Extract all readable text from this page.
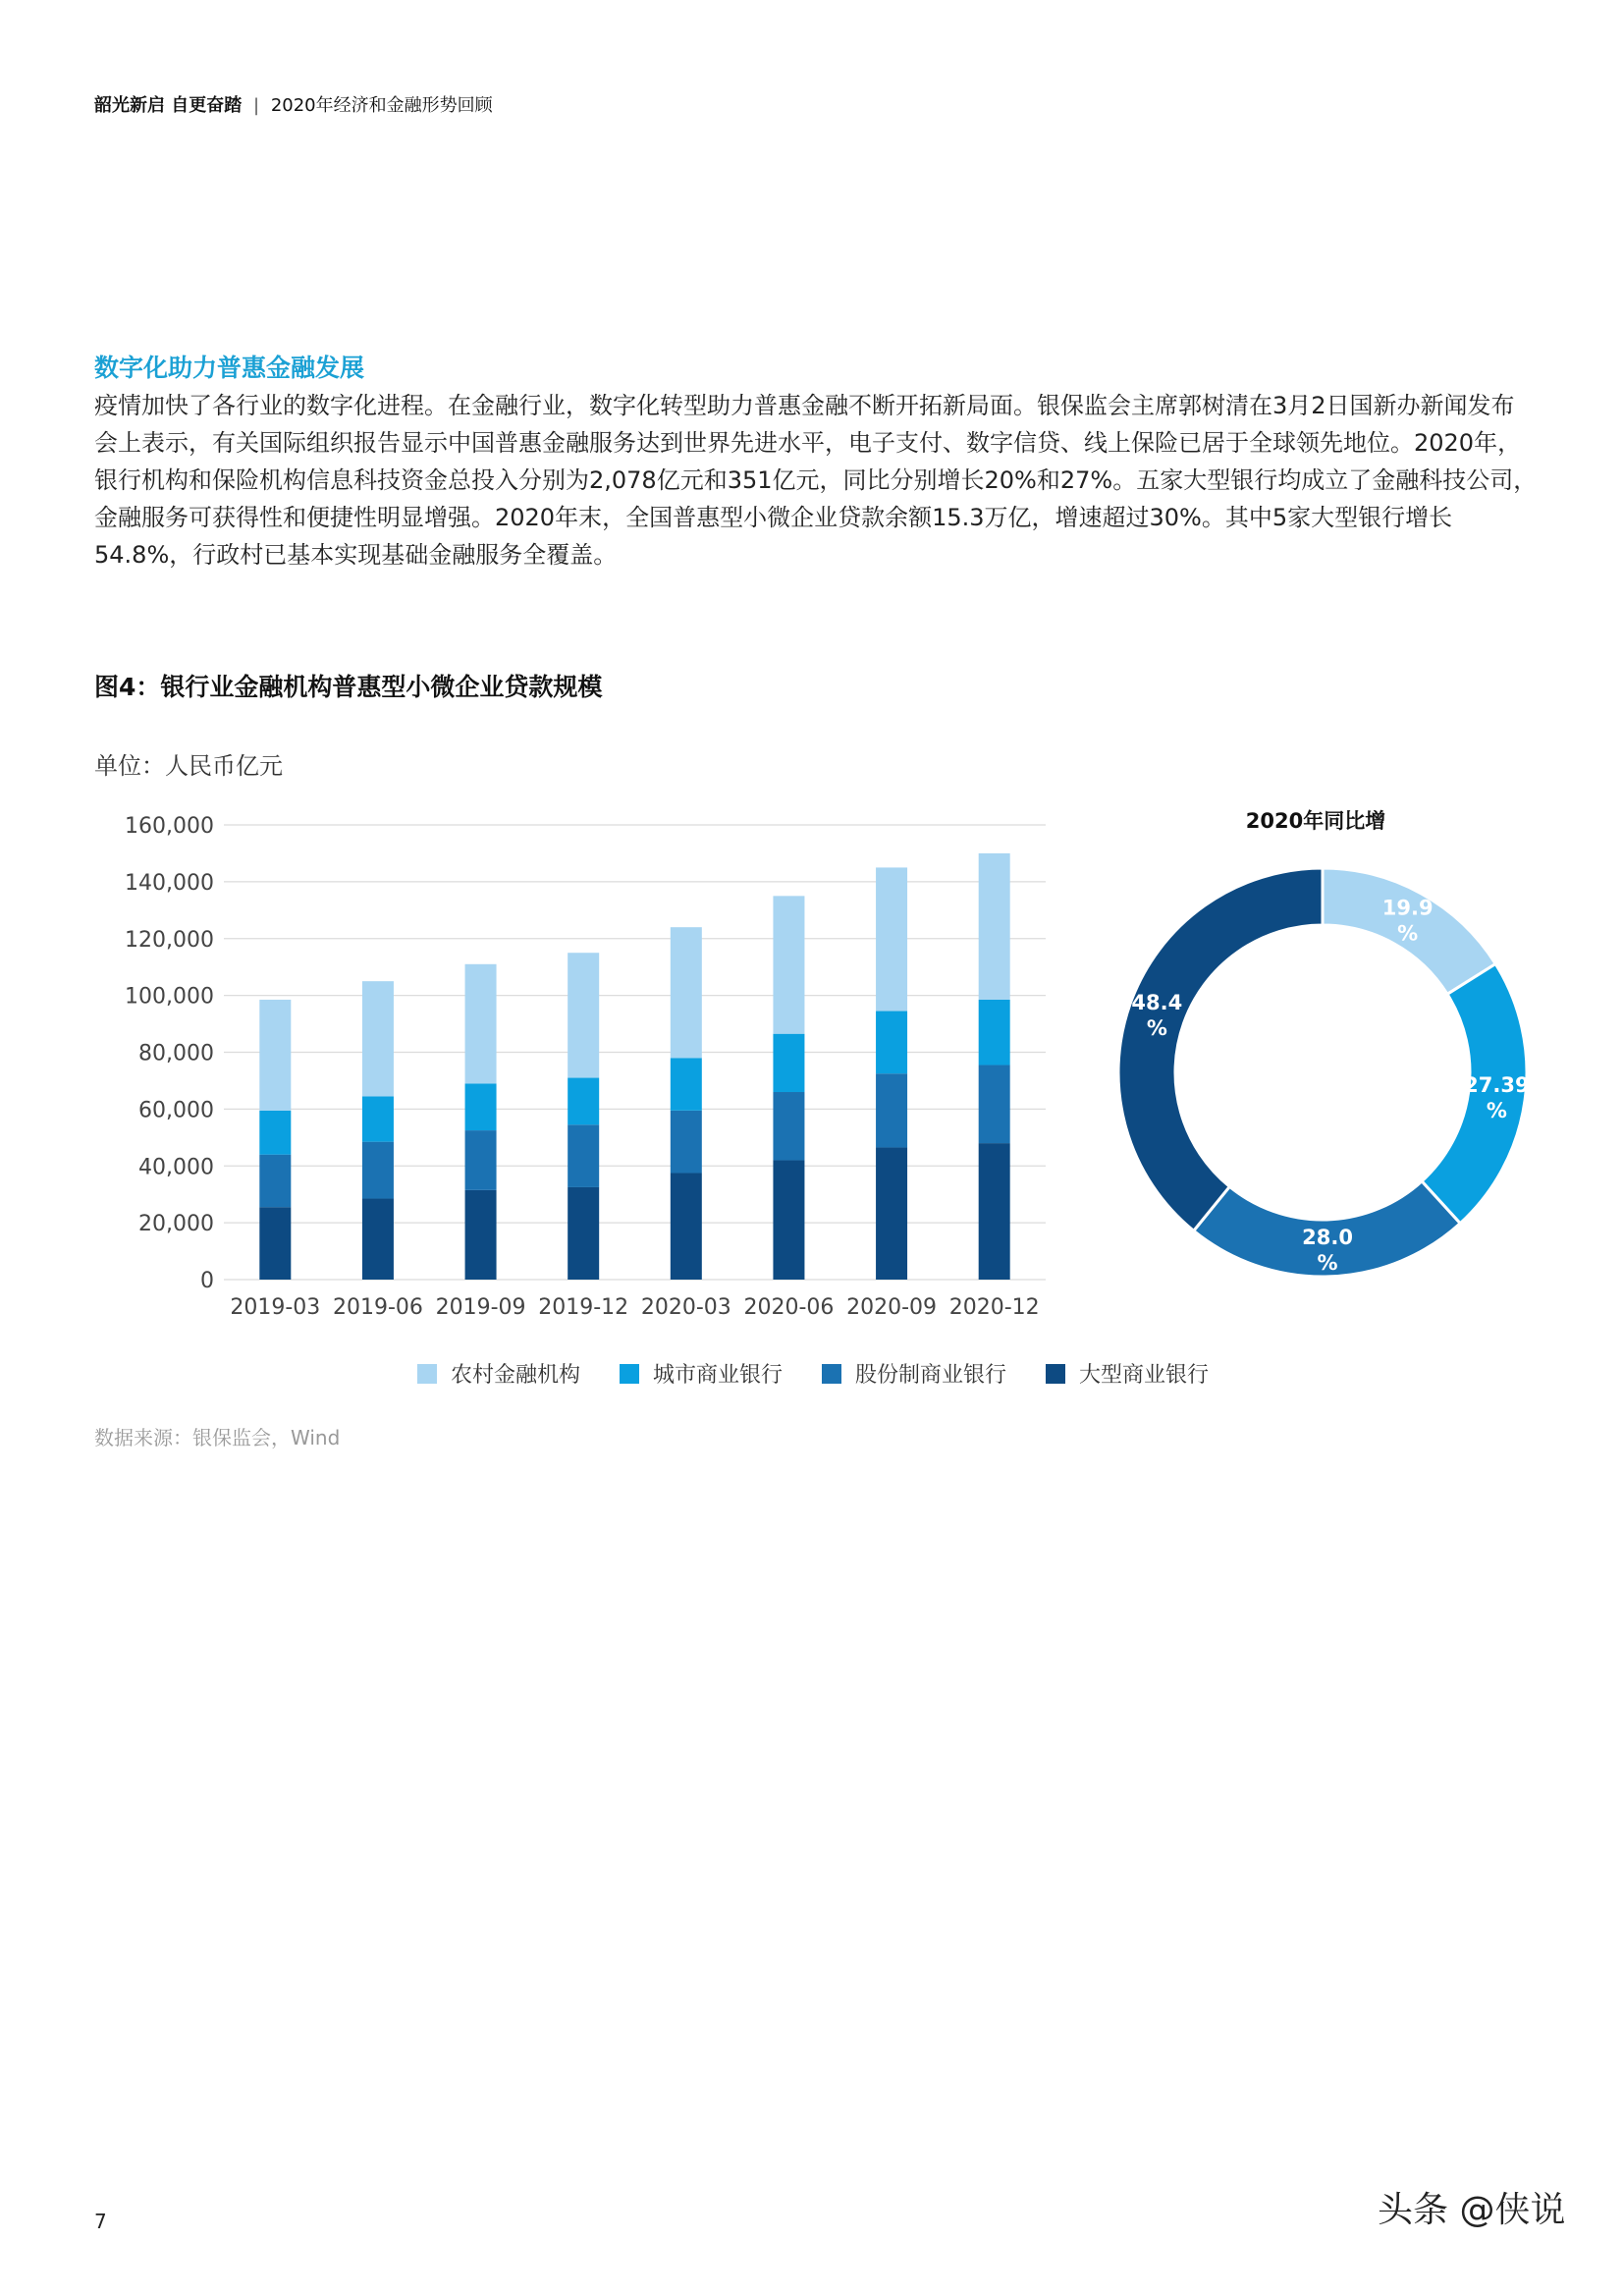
韶光新启 自更奋踏 | 2020年经济和金融形势回顾
数字化助力普惠金融发展
疫情加快了各行业的数字化进程。在金融行业，数字化转型助力普惠金融不断开拓新局面。银保监会主席郭树清在3月2日国新办新闻发布会上表示，有关国际组织报告显示中国普惠金融服务达到世界先进水平，电子支付、数字信贷、线上保险已居于全球领先地位。2020年，银行机构和保险机构信息科技资金总投入分别为2,078亿元和351亿元，同比分别增长20%和27%。五家大型银行均成立了金融科技公司，金融服务可获得性和便捷性明显增强。2020年末，全国普惠型小微企业贷款余额15.3万亿，增速超过30%。其中5家大型银行增长54.8%，行政村已基本实现基础金融服务全覆盖。
图4：银行业金融机构普惠型小微企业贷款规模
单位：人民币亿元
0
20,000
40,000
60,000
80,000
100,000
120,000
140,000
160,000
2019-03 2019-06 2019-09 2019-12 2020-03 2020-06 2020-09 2020-12
2020年同比增
19.9
%
27.39
%
28.0
%
48.4
%
农村金融机构	城市商业银行	股份制商业银行	大型商业银行
数据来源：银保监会，Wind
7	头条 @侠说
